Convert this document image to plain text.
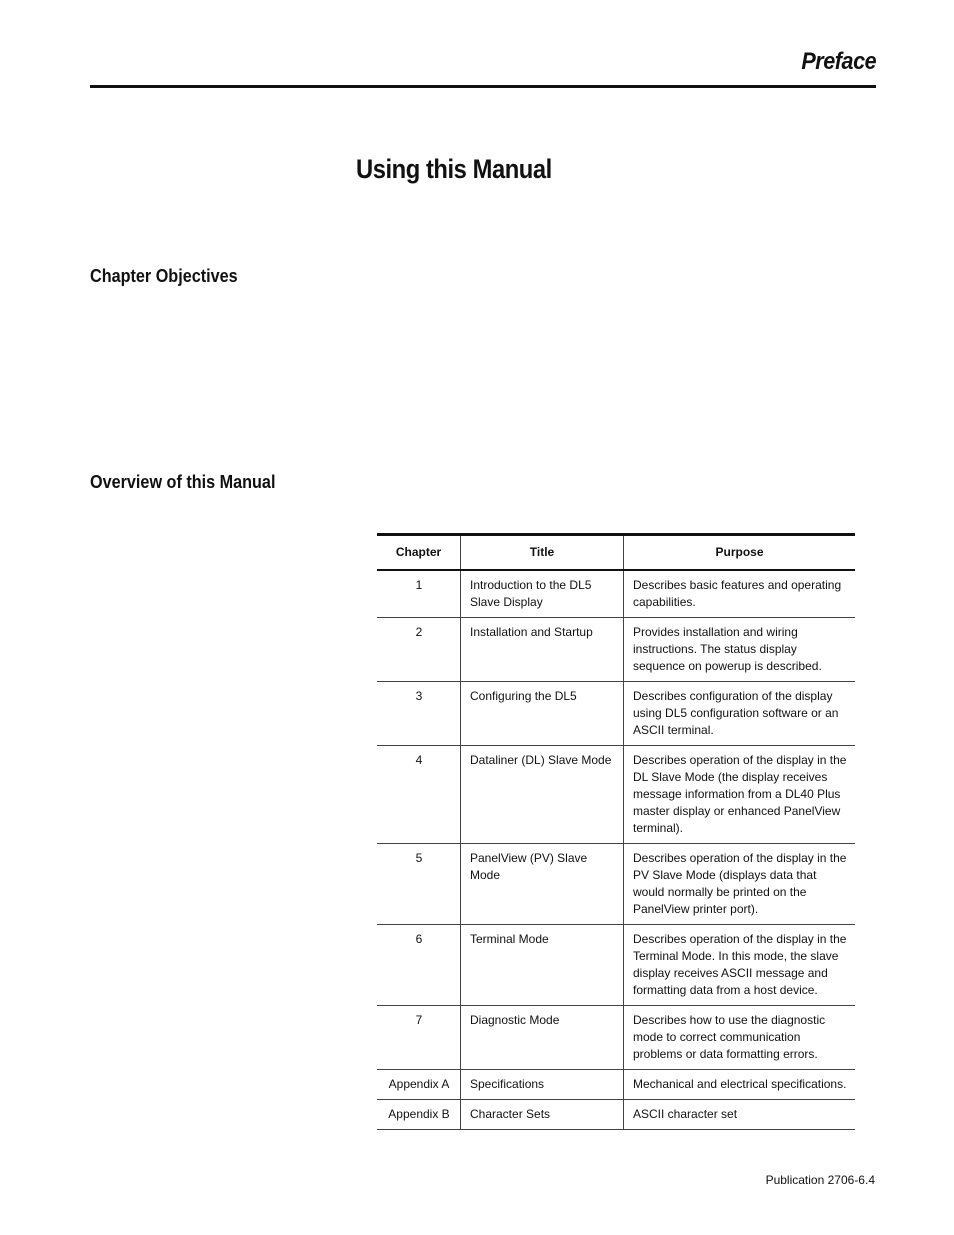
Preface
Using this Manual
Chapter Objectives
Overview of this Manual
Chapter	Title	Purpose
1	Introduction to the DL5 Slave Display	Describes basic features and operating capabilities.
2	Installation and Startup	Provides installation and wiring instructions. The status display sequence on powerup is described.
3	Configuring the DL5	Describes configuration of the display using DL5 configuration software or an ASCII terminal.
4	Dataliner (DL) Slave Mode	Describes operation of the display in the DL Slave Mode (the display receives message information from a DL40 Plus master display or enhanced PanelView terminal).
5	PanelView (PV) Slave Mode	Describes operation of the display in the PV Slave Mode (displays data that would normally be printed on the PanelView printer port).
6	Terminal Mode	Describes operation of the display in the Terminal Mode. In this mode, the slave display receives ASCII message and formatting data from a host device.
7	Diagnostic Mode	Describes how to use the diagnostic mode to correct communication problems or data formatting errors.
Appendix A	Specifications	Mechanical and electrical specifications.
Appendix B	Character Sets	ASCII character set
Publication 2706-6.4
